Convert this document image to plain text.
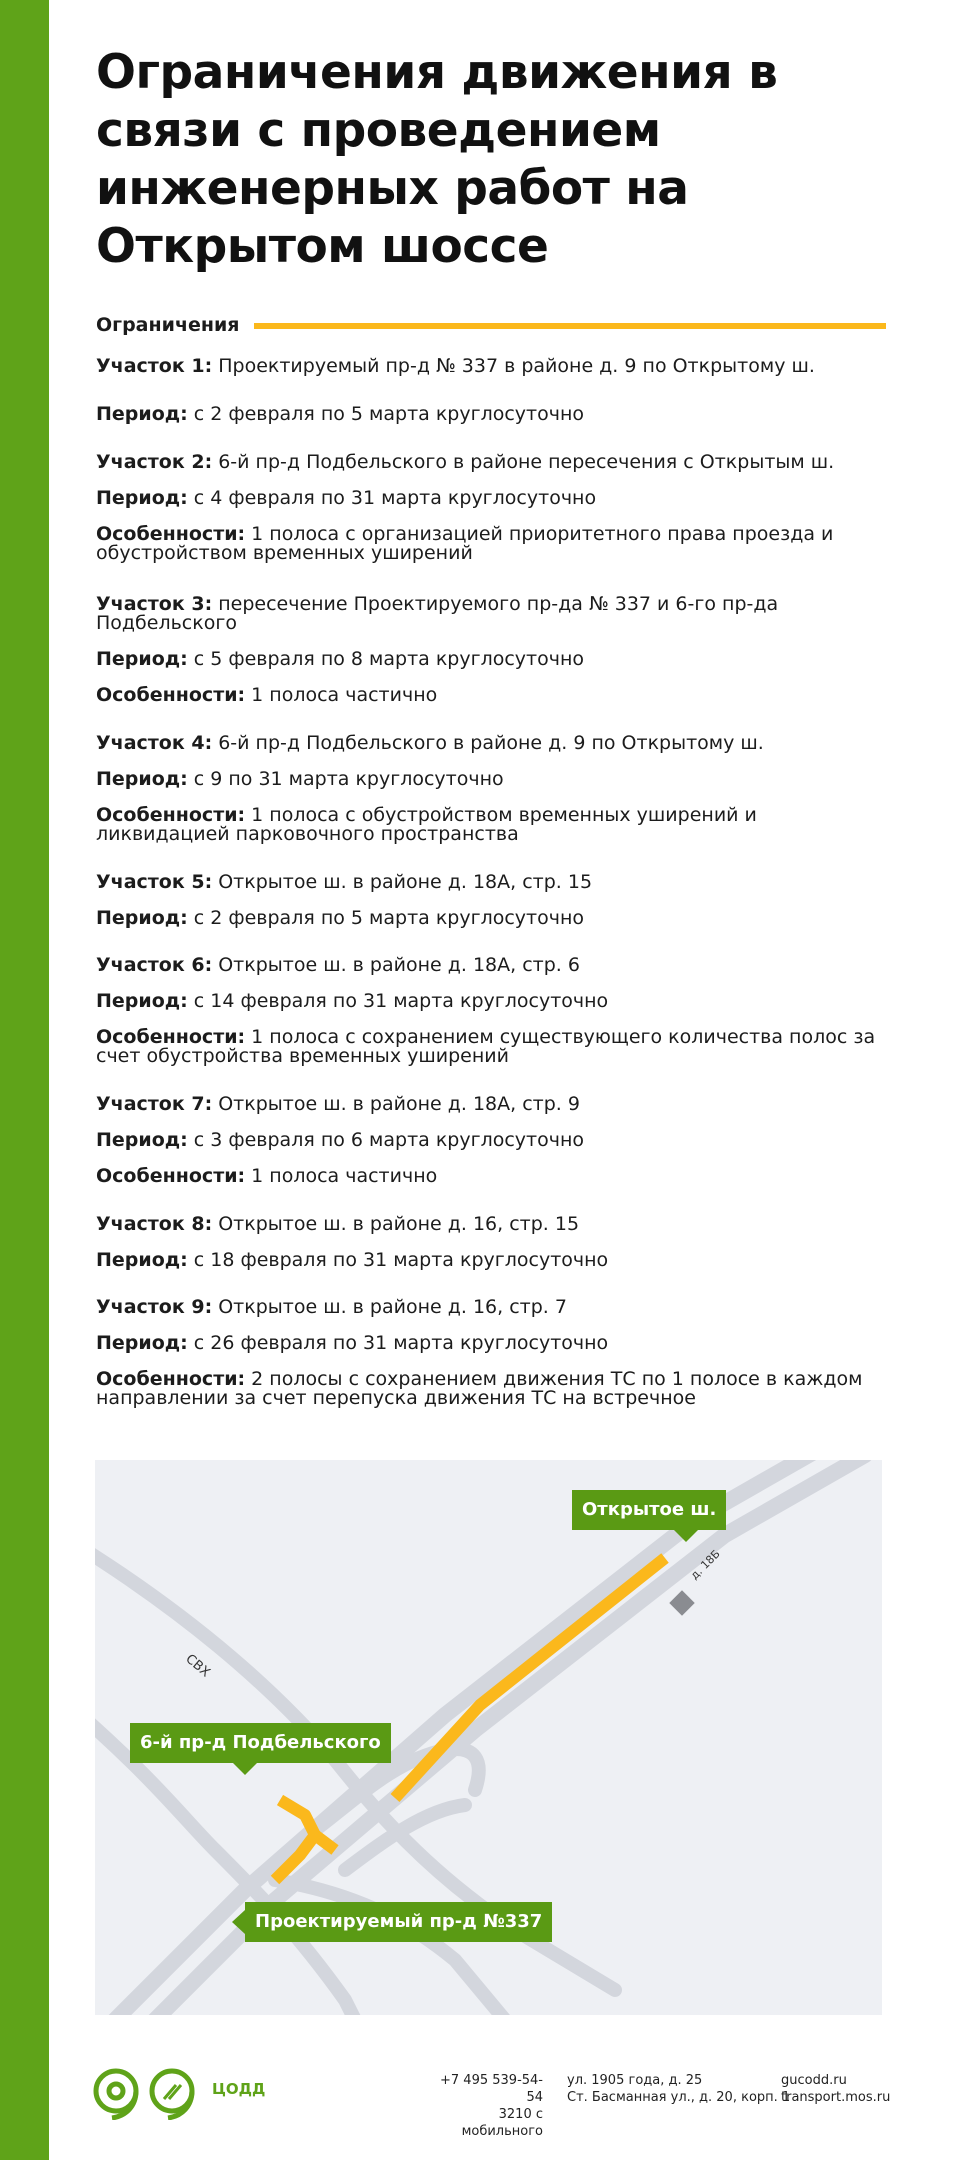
Ограничения движения в связи с проведением инженерных работ на Открытом шоссе
Ограничения
Участок 1: Проектируемый пр-д № 337 в районе д. 9 по Открытому ш.
Период: с 2 февраля по 5 марта круглосуточно
Участок 2: 6-й пр-д Подбельского в районе пересечения с Открытым ш.
Период: с 4 февраля по 31 марта круглосуточно
Особенности: 1 полоса с организацией приоритетного права проезда и обустройством временных уширений
Участок 3: пересечение Проектируемого пр-да № 337 и 6-го пр-да Подбельского
Период: с 5 февраля по 8 марта круглосуточно
Особенности: 1 полоса частично
Участок 4: 6-й пр-д Подбельского в районе д. 9 по Открытому ш.
Период: с 9 по 31 марта круглосуточно
Особенности: 1 полоса с обустройством временных уширений и ликвидацией парковочного пространства
Участок 5: Открытое ш. в районе д. 18А, стр. 15
Период: с 2 февраля по 5 марта круглосуточно
Участок 6: Открытое ш. в районе д. 18А, стр. 6
Период: с 14 февраля по 31 марта круглосуточно
Особенности: 1 полоса с сохранением существующего количества полос за счет обустройства временных уширений
Участок 7: Открытое ш. в районе д. 18А, стр. 9
Период: с 3 февраля по 6 марта круглосуточно
Особенности: 1 полоса частично
Участок 8: Открытое ш. в районе д. 16, стр. 15
Период: с 18 февраля по 31 марта круглосуточно
Участок 9: Открытое ш. в районе д. 16, стр. 7
Период: с 26 февраля по 31 марта круглосуточно
Особенности: 2 полосы с сохранением движения ТС по 1 полосе в каждом направлении за счет перепуска движения ТС на встречное
д. 18Б
СВХ
Открытое ш.
6-й пр-д Подбельского
Проектируемый пр-д №337
+7 495 539-54-54
3210 с мобильного
ул. 1905 года, д. 25
Ст. Басманная ул., д. 20, корп. 1
gucodd.ru
transport.mos.ru
ЦОДД
